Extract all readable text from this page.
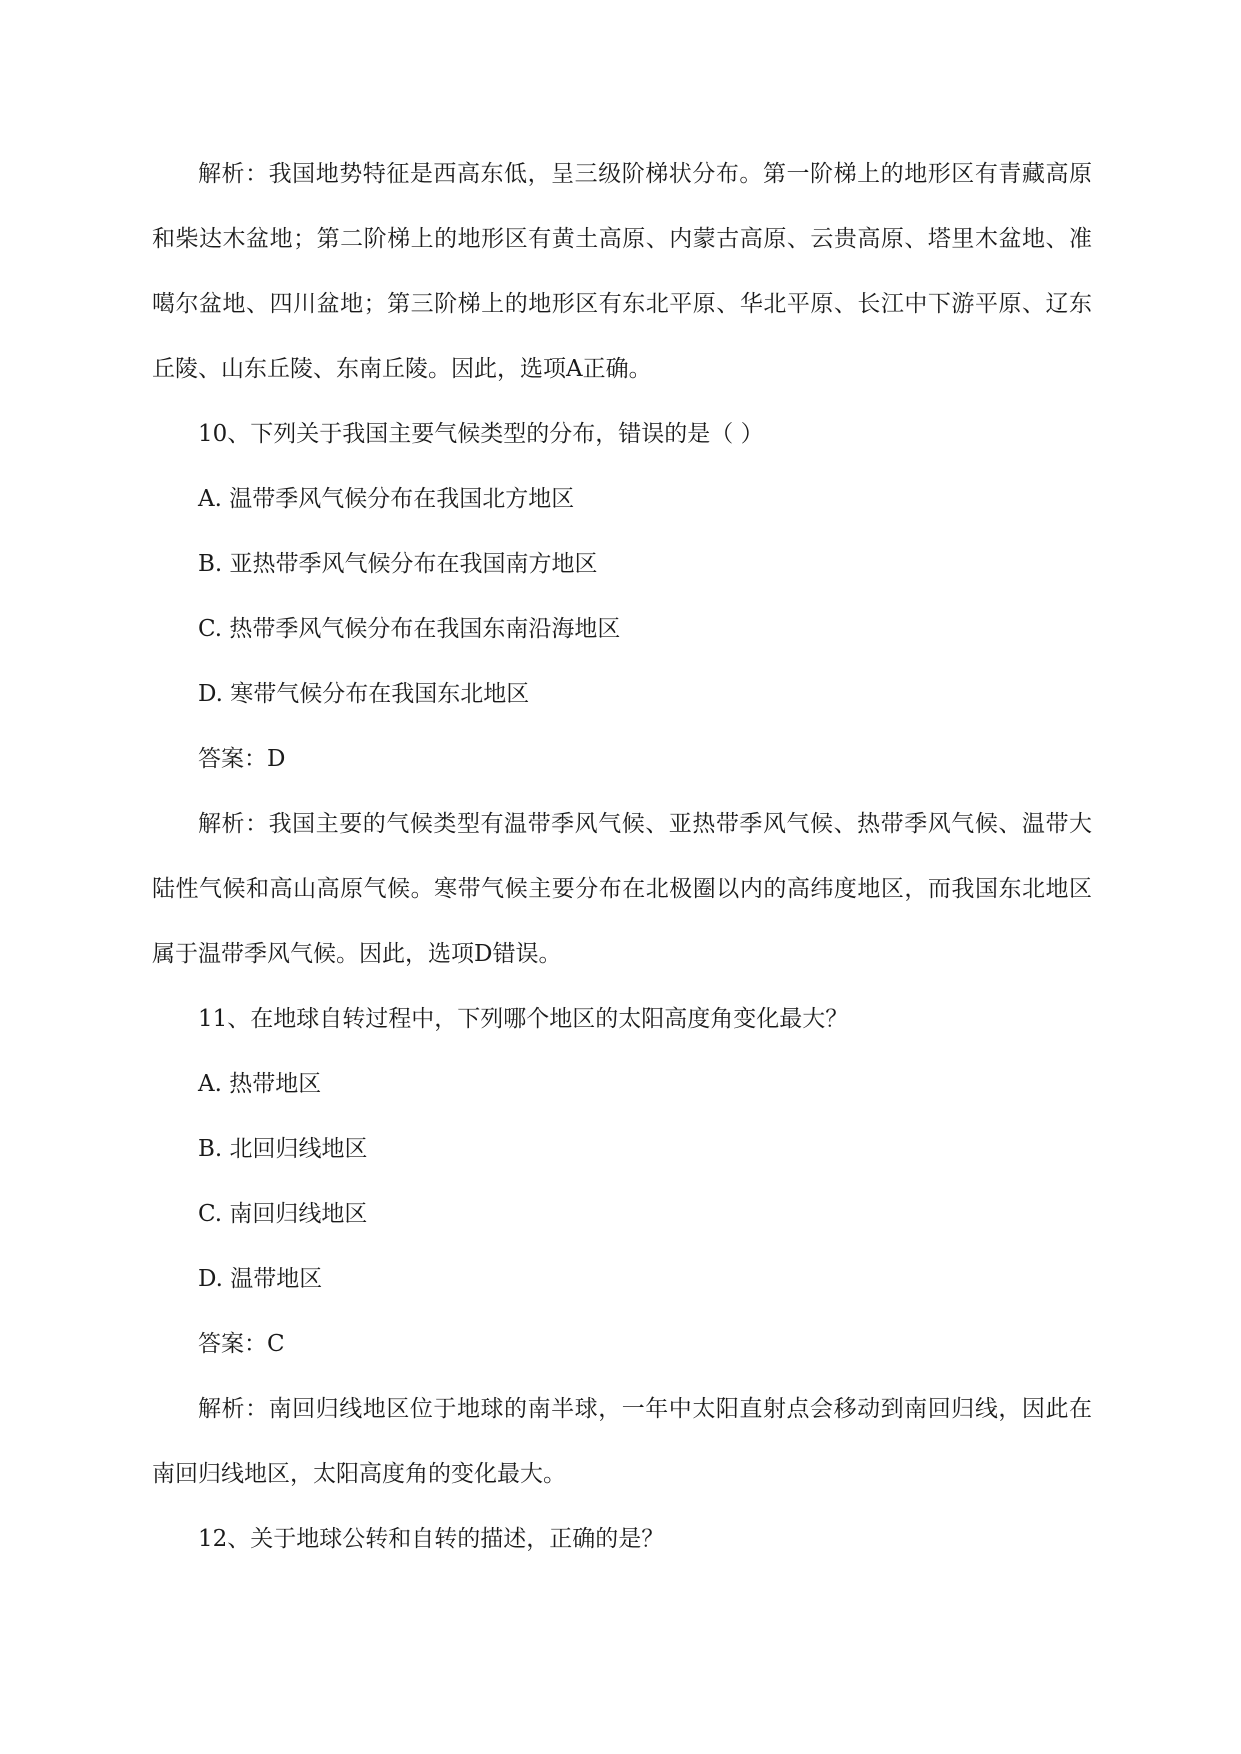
解析：我国地势特征是西高东低，呈三级阶梯状分布。第一阶梯上的地形区有青藏高原和柴达木盆地；第二阶梯上的地形区有黄土高原、内蒙古高原、云贵高原、塔里木盆地、准噶尔盆地、四川盆地；第三阶梯上的地形区有东北平原、华北平原、长江中下游平原、辽东丘陵、山东丘陵、东南丘陵。因此，选项A正确。

10、下列关于我国主要气候类型的分布，错误的是（ ）

A. 温带季风气候分布在我国北方地区

B. 亚热带季风气候分布在我国南方地区

C. 热带季风气候分布在我国东南沿海地区

D. 寒带气候分布在我国东北地区

答案：D

解析：我国主要的气候类型有温带季风气候、亚热带季风气候、热带季风气候、温带大陆性气候和高山高原气候。寒带气候主要分布在北极圈以内的高纬度地区，而我国东北地区属于温带季风气候。因此，选项D错误。

11、在地球自转过程中，下列哪个地区的太阳高度角变化最大？

A. 热带地区

B. 北回归线地区

C. 南回归线地区

D. 温带地区

答案：C

解析：南回归线地区位于地球的南半球，一年中太阳直射点会移动到南回归线，因此在南回归线地区，太阳高度角的变化最大。

12、关于地球公转和自转的描述，正确的是？
